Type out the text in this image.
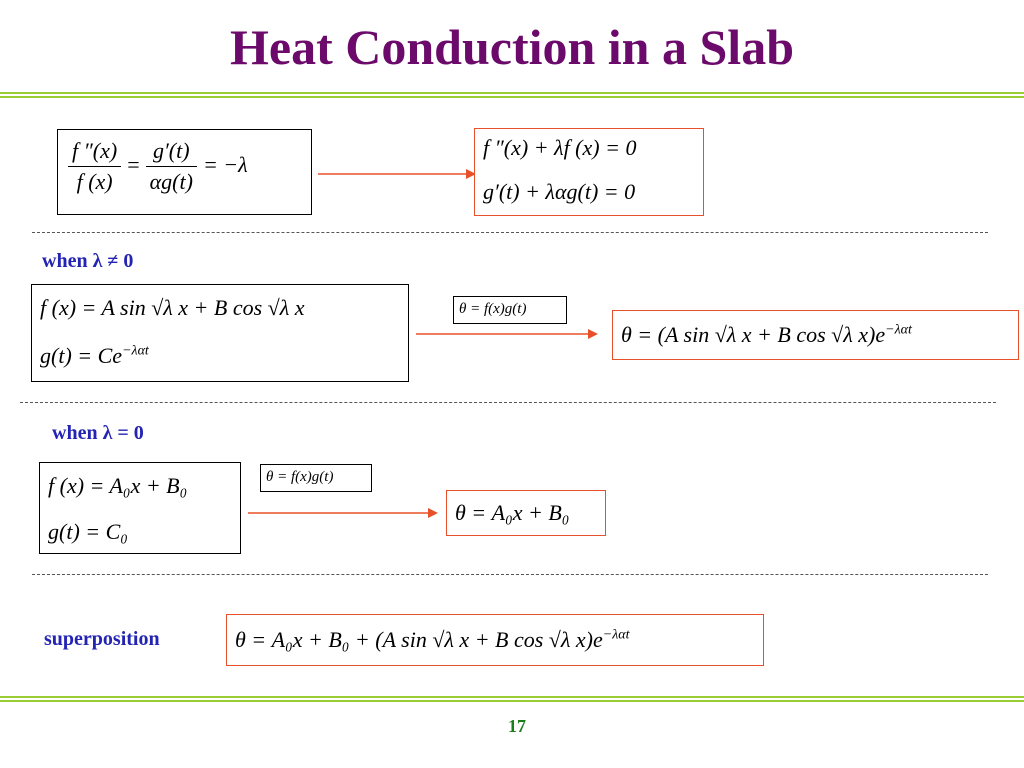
Heat Conduction in a Slab
$\frac{f ''(x)}{f (x)} = \frac{g'(t)}{\alpha g(t)} = -\lambda$
f ″(x) + λf (x) = 0
g′(t) + λαg(t) = 0
when λ ≠ 0
f (x) = A sin √λ x + B cos √λ x
$g(t) = Ce^{-\lambda\alpha t}$
θ = f(x)g(t)
θ = (A sin √λ x + B cos √λ $x)e^{-\lambda\alpha t}$
when λ = 0
f (x) = A₀x + B₀
g(t) = C₀
θ = f(x)g(t)
θ = A₀x + B₀
superposition	θ = A₀x + B₀ + (A sin √λ x + B cos √λ $x)e^{-\lambda\alpha t}$
17
